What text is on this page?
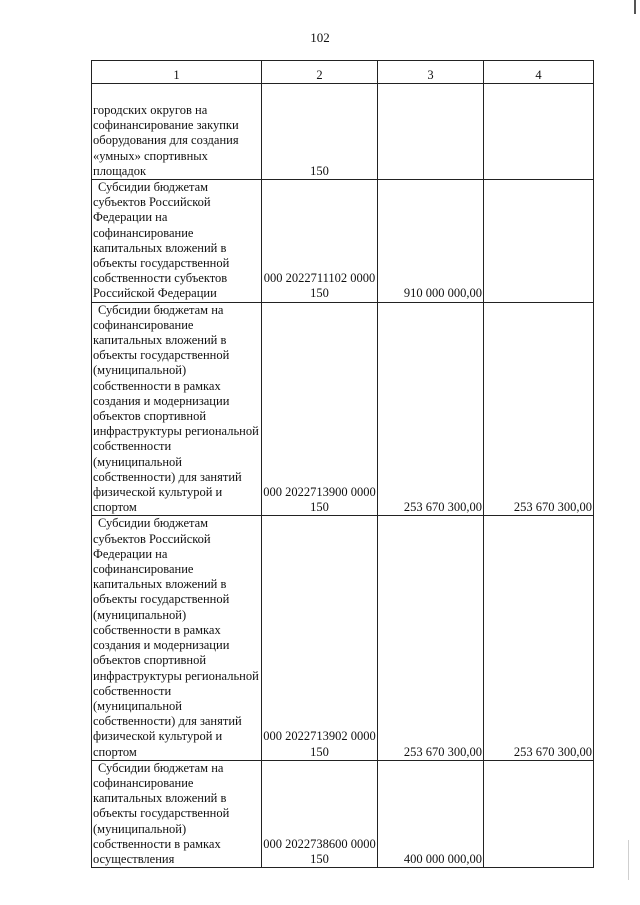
102
1	2	3	4

городских округов на софинансирование закупки оборудования для создания «умных» спортивных площадок	150		

Субсидии бюджетам субъектов Российской Федерации на софинансирование капитальных вложений в объекты государственной собственности субъектов Российской Федерации	000 2022711102 0000 150	910 000 000,00	

Субсидии бюджетам на софинансирование капитальных вложений в объекты государственной (муниципальной) собственности в рамках создания и модернизации объектов спортивной инфраструктуры региональной собственности (муниципальной собственности) для занятий физической культурой и спортом	000 2022713900 0000 150	253 670 300,00	253 670 300,00

Субсидии бюджетам субъектов Российской Федерации на софинансирование капитальных вложений в объекты государственной (муниципальной) собственности в рамках создания и модернизации объектов спортивной инфраструктуры региональной собственности (муниципальной собственности) для занятий физической культурой и спортом	000 2022713902 0000 150	253 670 300,00	253 670 300,00

Субсидии бюджетам на софинансирование капитальных вложений в объекты государственной (муниципальной) собственности в рамках осуществления	000 2022738600 0000 150	400 000 000,00	
